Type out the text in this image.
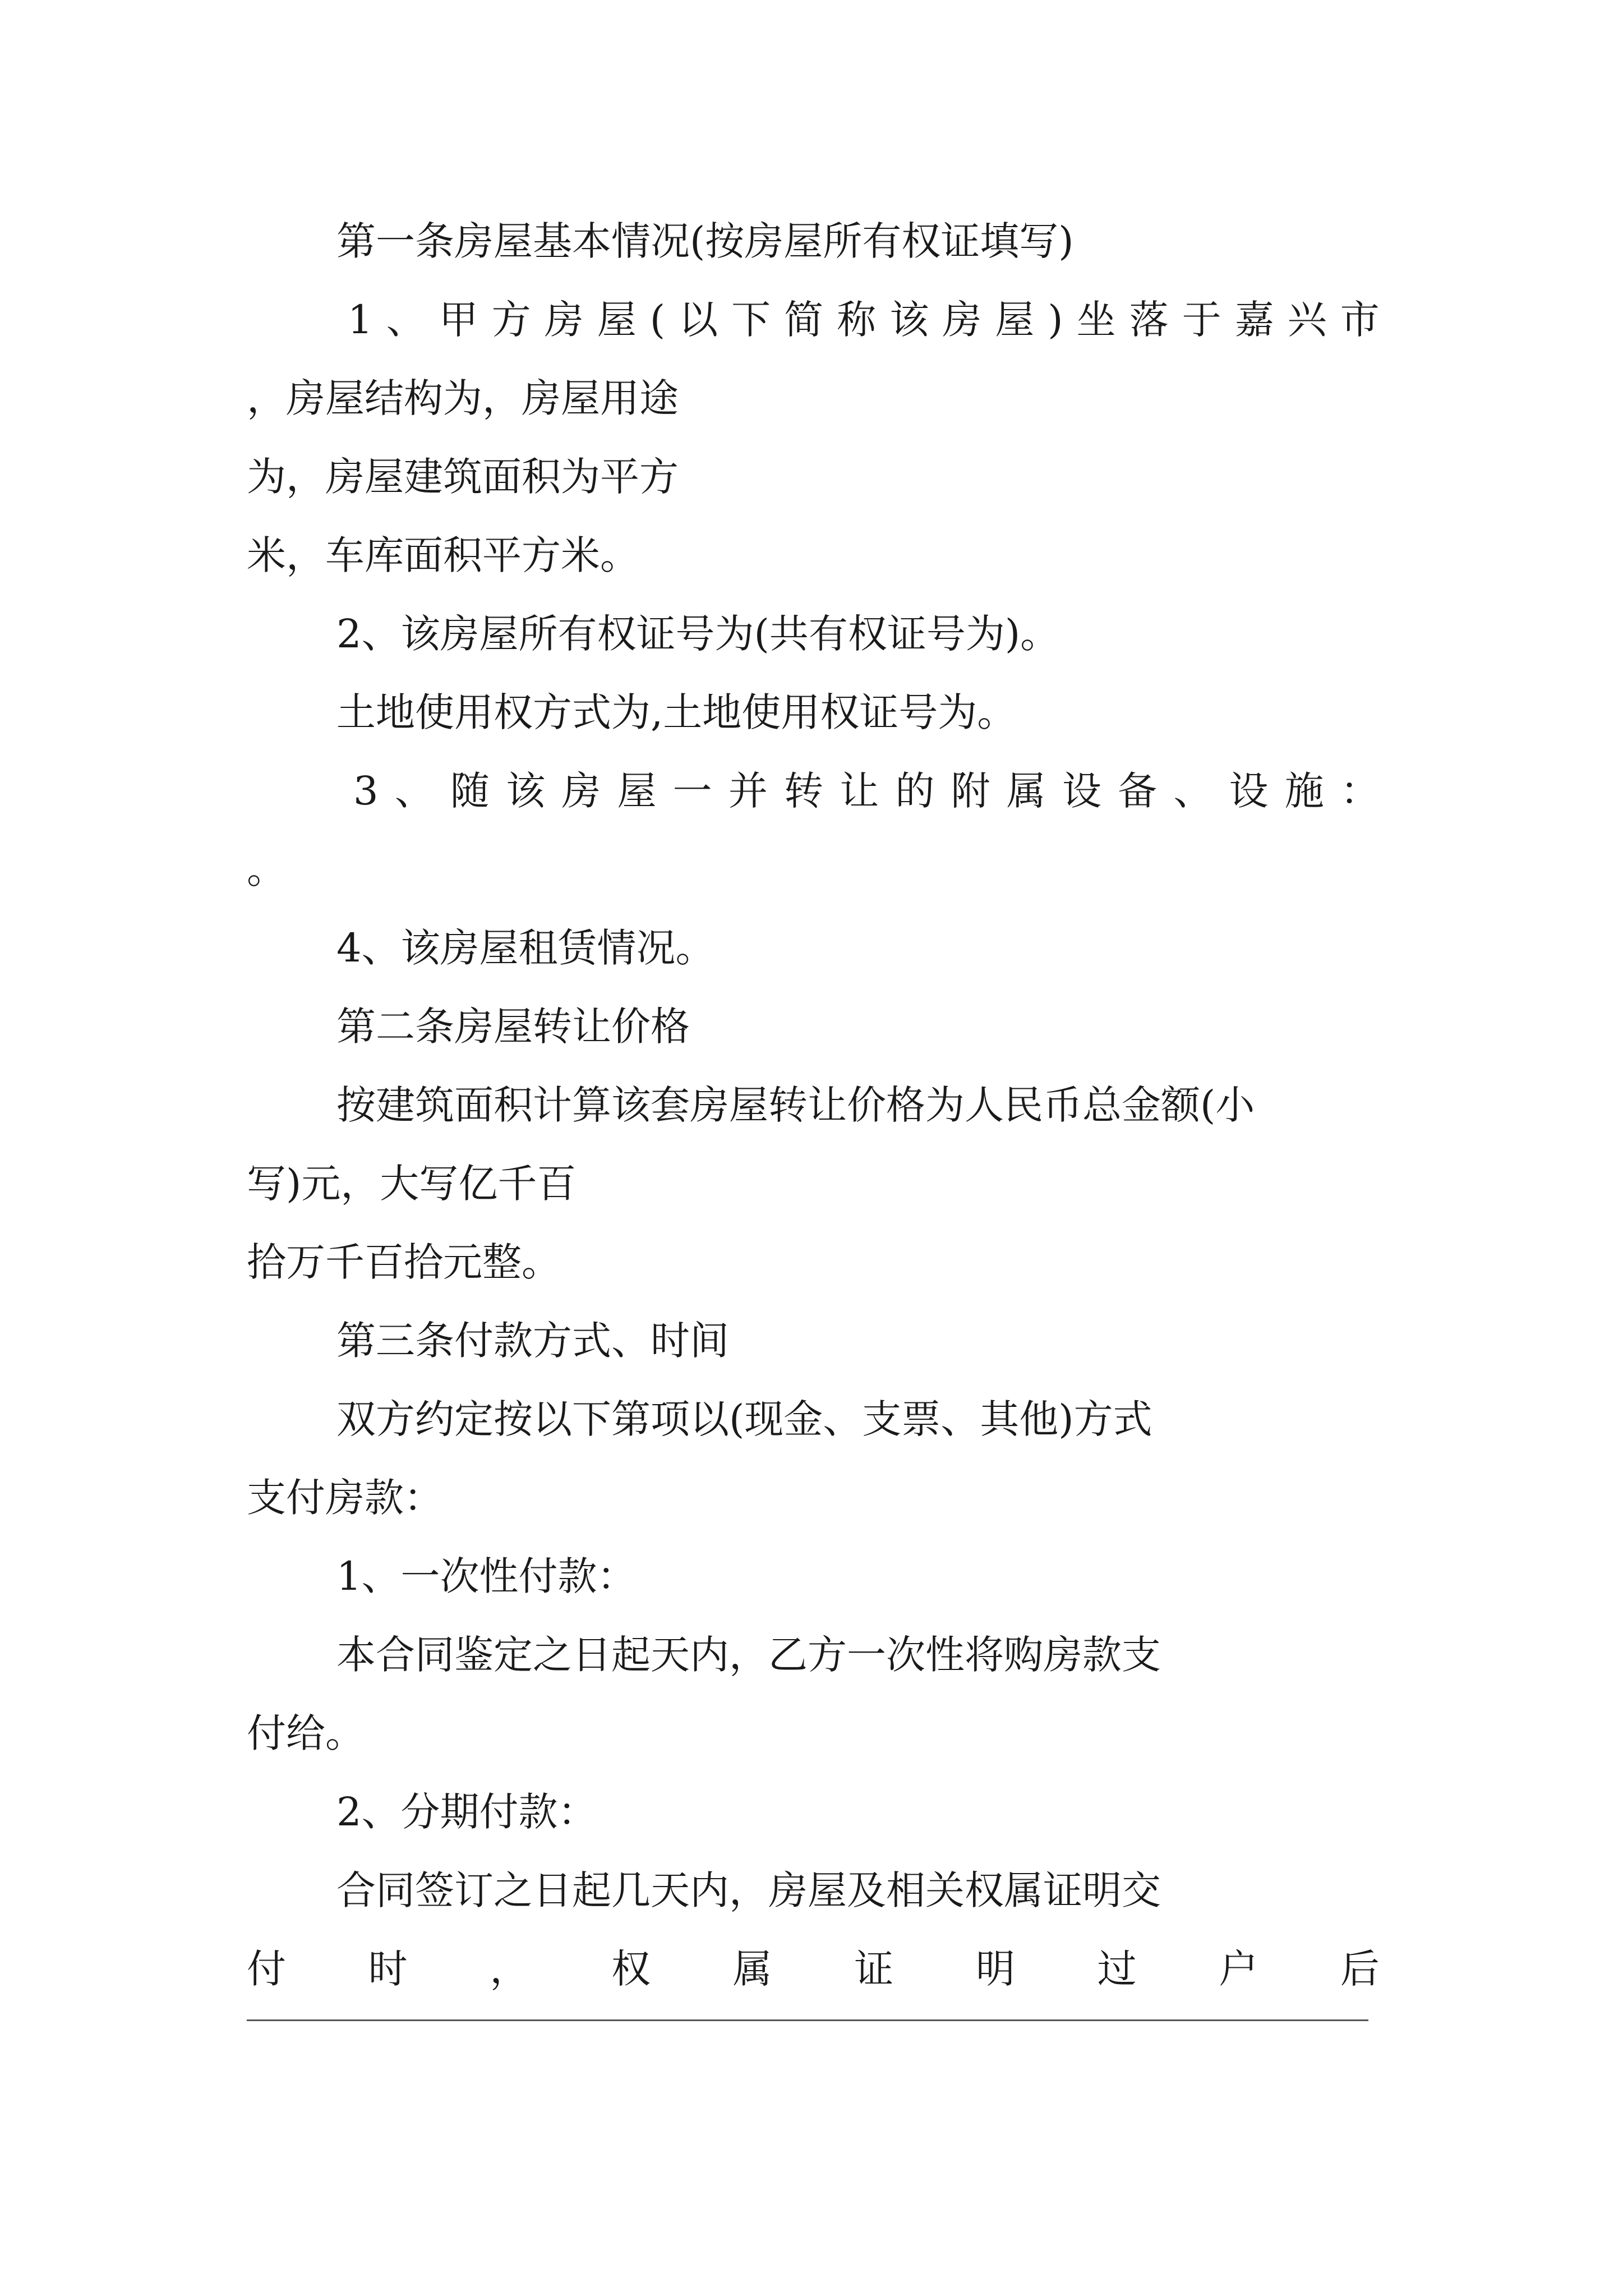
第一条房屋基本情况(按房屋所有权证填写)
1 、 甲 方 房 屋 ( 以 下 简 称 该 房 屋 ) 坐 落 于 嘉 兴 市
，房屋结构为，房屋用途
为，房屋建筑面积为平方
米，车库面积平方米。
2、该房屋所有权证号为(共有权证号为)。
土地使用权方式为,土地使用权证号为。
3 、 随 该 房 屋 一 并 转 让 的 附 属 设 备 、 设 施 ：
。
4、该房屋租赁情况。
第二条房屋转让价格
按建筑面积计算该套房屋转让价格为人民币总金额(小
写)元，大写亿千百
拾万千百拾元整。
第三条付款方式、时间
双方约定按以下第项以(现金、支票、其他)方式
支付房款：
1、一次性付款：
本合同鉴定之日起天内，乙方一次性将购房款支
付给。
2、分期付款：
合同签订之日起几天内，房屋及相关权属证明交
付 时 ， 权 属 证 明 过 户 后
